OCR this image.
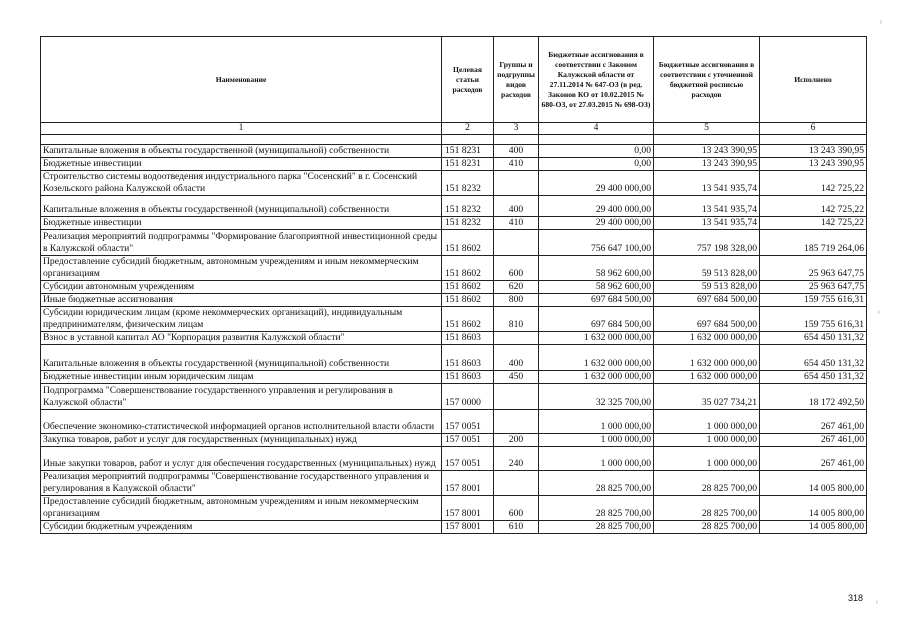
Наименование	Целевая статьи расходов	Группы и подгруппы видов расходов	Бюджетные ассигнования в соответствии с Законом Калужской области от 27.11.2014 № 647-ОЗ (в ред. Законов КО от 10.02.2015 № 680-ОЗ, от 27.03.2015 № 698-ОЗ)	Бюджетные ассигнования в соответствии с уточненной бюджетной росписью расходов	Исполнено
1	2	3	4	5	6

Капитальные вложения в объекты государственной (муниципальной) собственности	151 8231	400	0,00	13 243 390,95	13 243 390,95
Бюджетные инвестиции	151 8231	410	0,00	13 243 390,95	13 243 390,95
Строительство системы водоотведения индустриального парка "Сосенский" в г. Сосенский Козельского района Калужской области	151 8232		29 400 000,00	13 541 935,74	142 725,22
Капитальные вложения в объекты государственной (муниципальной) собственности	151 8232	400	29 400 000,00	13 541 935,74	142 725,22
Бюджетные инвестиции	151 8232	410	29 400 000,00	13 541 935,74	142 725,22
Реализация мероприятий подпрограммы "Формирование благоприятной инвестиционной среды в Калужской области"	151 8602		756 647 100,00	757 198 328,00	185 719 264,06
Предоставление субсидий бюджетным, автономным учреждениям и иным некоммерческим организациям	151 8602	600	58 962 600,00	59 513 828,00	25 963 647,75
Субсидии автономным учреждениям	151 8602	620	58 962 600,00	59 513 828,00	25 963 647,75
Иные бюджетные ассигнования	151 8602	800	697 684 500,00	697 684 500,00	159 755 616,31
Субсидии юридическим лицам (кроме некоммерческих организаций), индивидуальным предпринимателям, физическим лицам	151 8602	810	697 684 500,00	697 684 500,00	159 755 616,31
Взнос в уставной капитал АО "Корпорация развития Калужской области"	151 8603		1 632 000 000,00	1 632 000 000,00	654 450 131,32
Капитальные вложения в объекты государственной (муниципальной) собственности	151 8603	400	1 632 000 000,00	1 632 000 000,00	654 450 131,32
Бюджетные инвестиции иным юридическим лицам	151 8603	450	1 632 000 000,00	1 632 000 000,00	654 450 131,32
Подпрограмма "Совершенствование государственного управления и регулирования в Калужской области"	157 0000		32 325 700,00	35 027 734,21	18 172 492,50
Обеспечение экономико-статистической информацией органов исполнительной власти области	157 0051		1 000 000,00	1 000 000,00	267 461,00
Закупка товаров, работ и услуг для государственных (муниципальных) нужд	157 0051	200	1 000 000,00	1 000 000,00	267 461,00
Иные закупки товаров, работ и услуг для обеспечения государственных (муниципальных) нужд	157 0051	240	1 000 000,00	1 000 000,00	267 461,00
Реализация мероприятий подпрограммы "Совершенствование государственного управления и регулирования в Калужской области"	157 8001		28 825 700,00	28 825 700,00	14 005 800,00
Предоставление субсидий бюджетным, автономным учреждениям и иным некоммерческим организациям	157 8001	600	28 825 700,00	28 825 700,00	14 005 800,00
Субсидии бюджетным учреждениям	157 8001	610	28 825 700,00	28 825 700,00	14 005 800,00
318
ꜟ
ꜟ
ꜟ
